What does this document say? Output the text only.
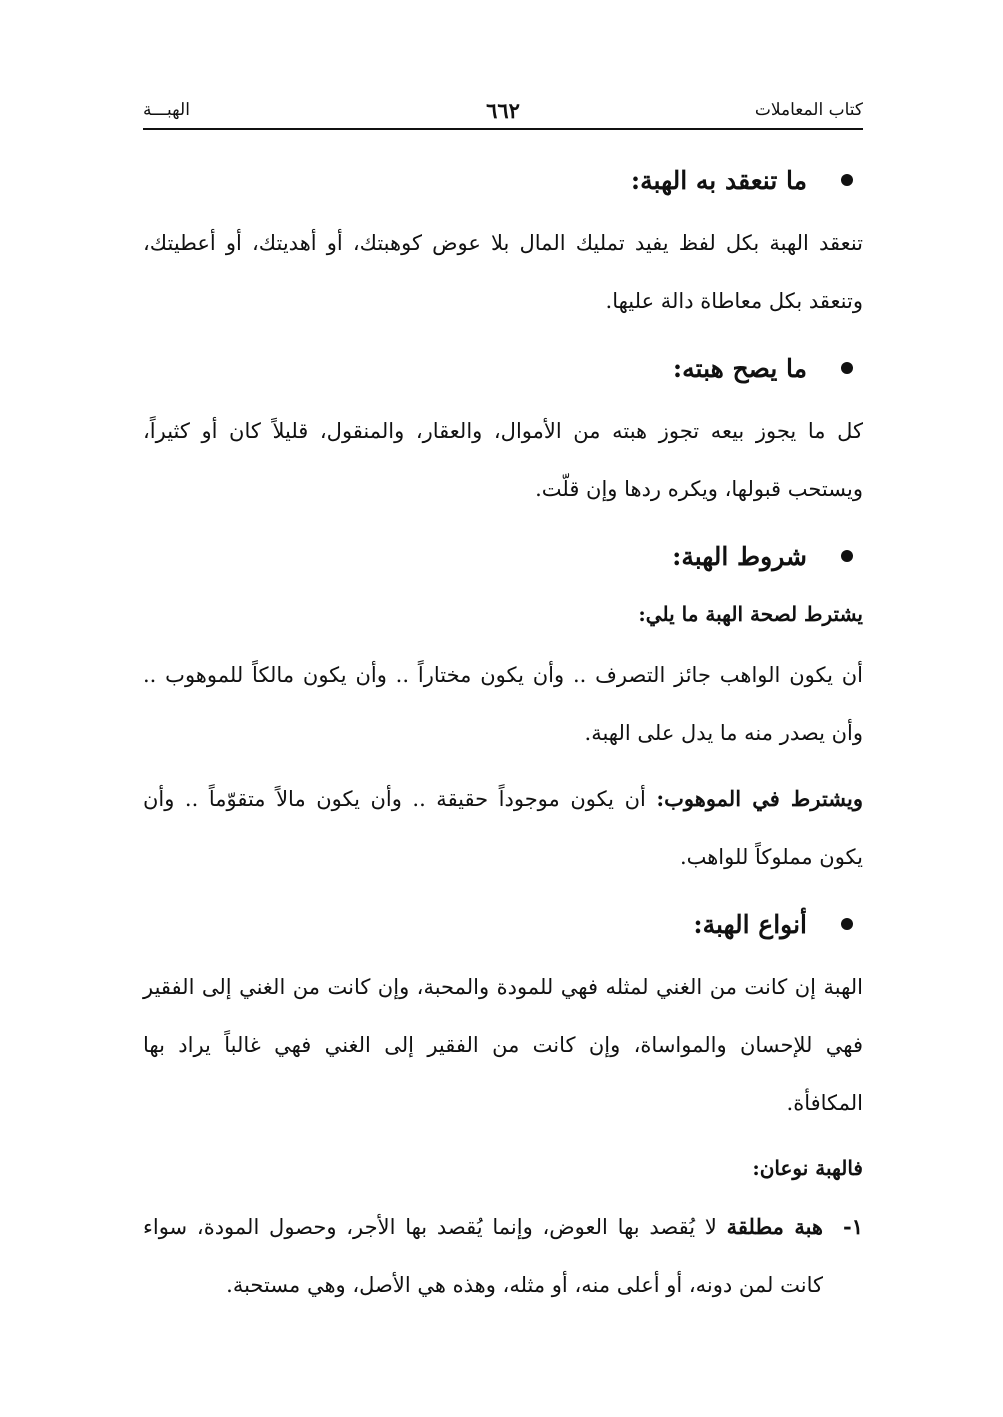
كتاب المعاملات
٦٦٢
الهبـــة
ما تنعقد به الهبة:

تنعقد الهبة بكل لفظ يفيد تمليك المال بلا عوض كوهبتك، أو أهديتك، أو أعطيتك، وتنعقد بكل معاطاة دالة عليها.

ما يصح هبته:

كل ما يجوز بيعه تجوز هبته من الأموال، والعقار، والمنقول، قليلاً كان أو كثيراً، ويستحب قبولها، ويكره ردها وإن قلّت.

شروط الهبة:

يشترط لصحة الهبة ما يلي:

أن يكون الواهب جائز التصرف .. وأن يكون مختاراً .. وأن يكون مالكاً للموهوب .. وأن يصدر منه ما يدل على الهبة.

ويشترط في الموهوب: أن يكون موجوداً حقيقة .. وأن يكون مالاً متقوّماً .. وأن يكون مملوكاً للواهب.

أنواع الهبة:

الهبة إن كانت من الغني لمثله فهي للمودة والمحبة، وإن كانت من الغني إلى الفقير فهي للإحسان والمواساة، وإن كانت من الفقير إلى الغني فهي غالباً يراد بها المكافأة.

فالهبة نوعان:

١-
هبة مطلقة لا يُقصد بها العوض، وإنما يُقصد بها الأجر، وحصول المودة، سواء كانت لمن دونه، أو أعلى منه، أو مثله، وهذه هي الأصل، وهي مستحبة.
